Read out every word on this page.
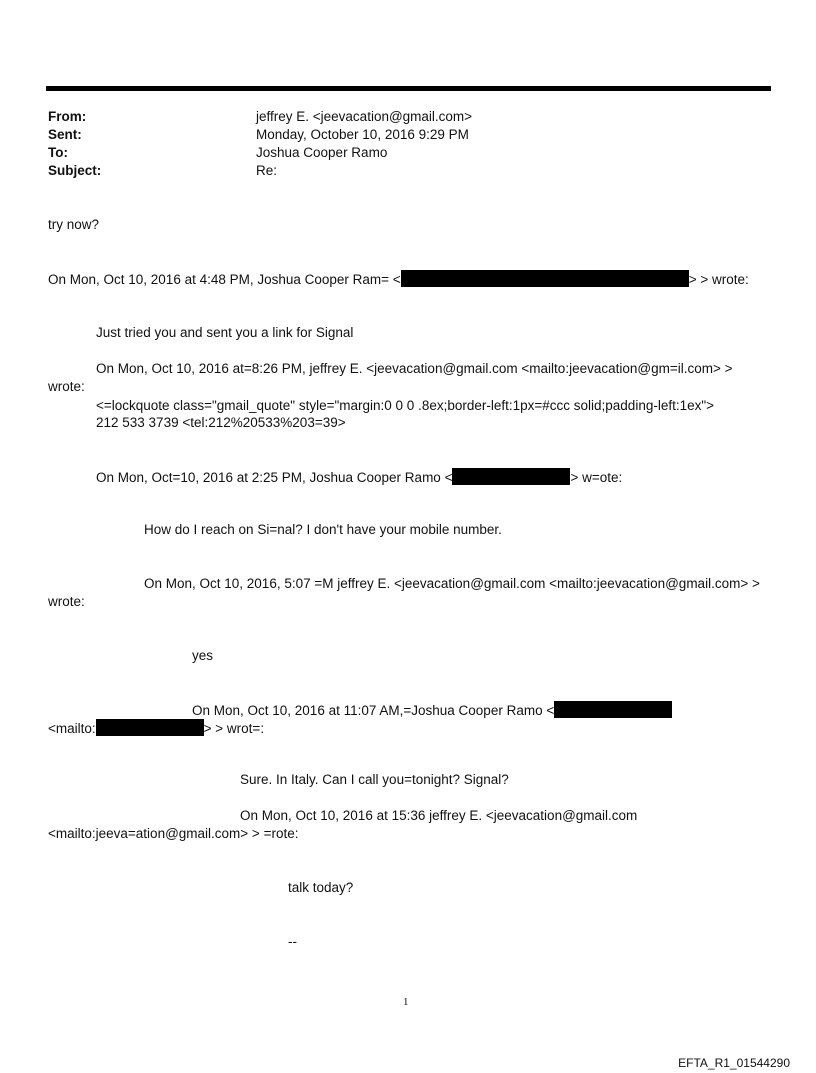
From:	jeffrey E. <jeevacation@gmail.com>
Sent:	Monday, October 10, 2016 9:29 PM
To:	Joshua Cooper Ramo
Subject:	Re:
try now?
On Mon, Oct 10, 2016 at 4:48 PM, Joshua Cooper Ram= <	> > wrote:
Just tried you and sent you a link for Signal
On Mon, Oct 10, 2016 at=8:26 PM, jeffrey E. <jeevacation@gmail.com <mailto:jeevacation@gm=il.com> >
wrote:
<=lockquote class="gmail_quote" style="margin:0 0 0 .8ex;border-left:1px=#ccc solid;padding-left:1ex">
212 533 3739 <tel:212%20533%203=39>
On Mon, Oct=10, 2016 at 2:25 PM, Joshua Cooper Ramo <	> w=ote:
How do I reach on Si=nal? I don't have your mobile number.
On Mon, Oct 10, 2016, 5:07 =M jeffrey E. <jeevacation@gmail.com <mailto:jeevacation@gmail.com> >
wrote:
yes
On Mon, Oct 10, 2016 at 11:07 AM,=Joshua Cooper Ramo <
<mailto:	> > wrot=:
Sure. In Italy. Can I call you=tonight? Signal?
On Mon, Oct 10, 2016 at 15:36 jeffrey E. <jeevacation@gmail.com
<mailto:jeeva=ation@gmail.com> > =rote:
talk today?
--
1
EFTA_R1_01544290
